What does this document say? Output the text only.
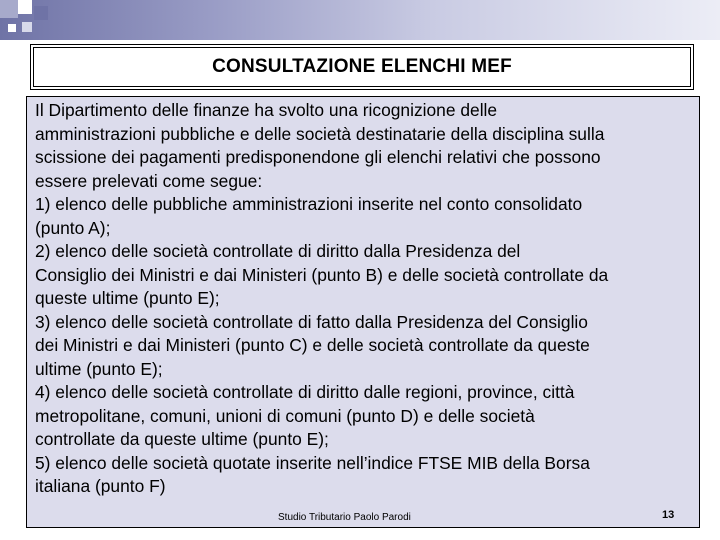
CONSULTAZIONE ELENCHI MEF

Il Dipartimento delle finanze ha svolto una ricognizione delle
amministrazioni pubbliche e delle società destinatarie della disciplina sulla
scissione dei pagamenti predisponendone gli elenchi relativi che possono
essere prelevati come segue:
1) elenco delle pubbliche amministrazioni inserite nel conto consolidato
(punto A);
2) elenco delle società controllate di diritto dalla Presidenza del
Consiglio dei Ministri e dai Ministeri (punto B) e delle società controllate da
queste ultime (punto E);
3) elenco delle società controllate di fatto dalla Presidenza del Consiglio
dei Ministri e dai Ministeri (punto C) e delle società controllate da queste
ultime (punto E);
4) elenco delle società controllate di diritto dalle regioni, province, città
metropolitane, comuni, unioni di comuni (punto D) e delle società
controllate da queste ultime (punto E);
5) elenco delle società quotate inserite nell’indice FTSE MIB della Borsa
italiana (punto F)

Studio Tributario Paolo Parodi	13
